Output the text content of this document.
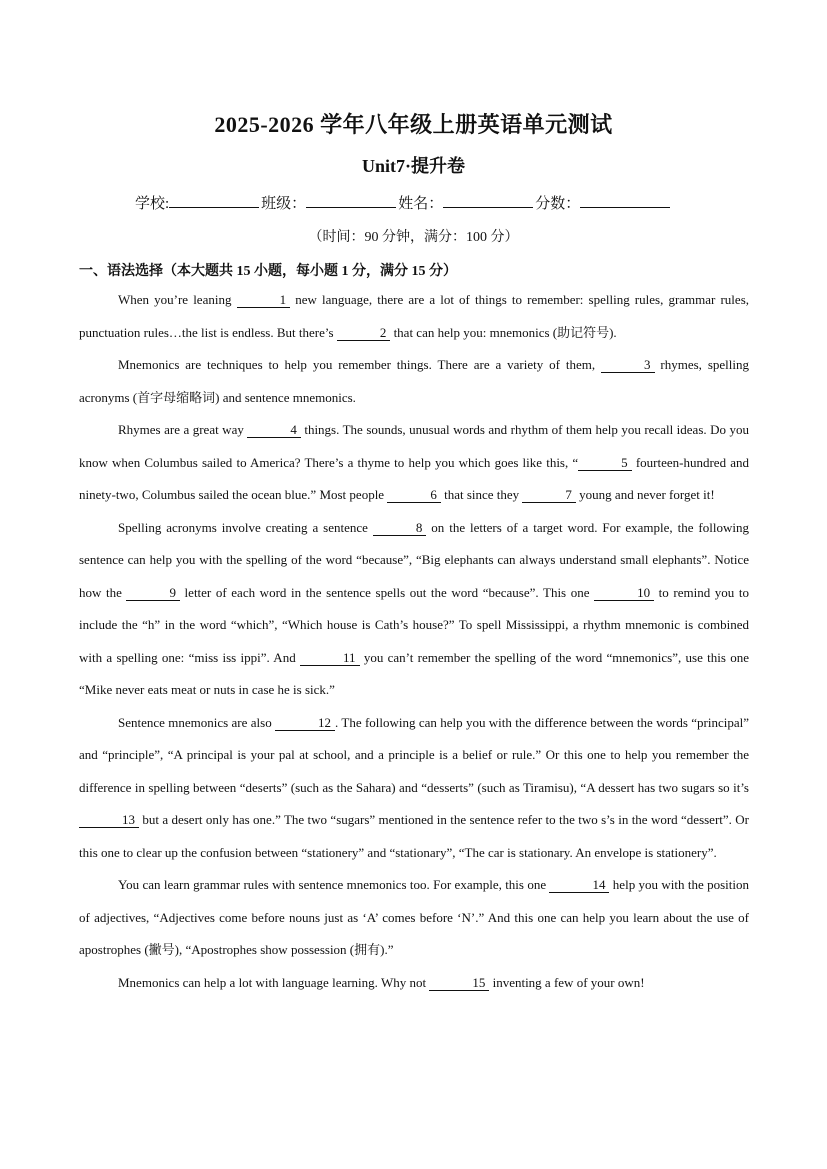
2025-2026 学年八年级上册英语单元测试
Unit7·提升卷
学校:	班级：	姓名：	分数：
（时间：90 分钟，满分：100 分）
一、语法选择（本大题共 15 小题，每小题 1 分，满分 15 分）

When you’re leaning	1 new language, there are a lot of things to remember: spelling rules, grammar rules, punctuation rules…the list is endless. But there’s	2 that can help you: mnemonics (助记符号).

Mnemonics are techniques to help you remember things. There are a variety of them,	3 rhymes, spelling acronyms (首字母缩略词) and sentence mnemonics.

Rhymes are a great way	4 things. The sounds, unusual words and rhythm of them help you recall ideas. Do you know when Columbus sailed to America? There’s a thyme to help you which goes like this, “	5 fourteen-hundred and ninety-two, Columbus sailed the ocean blue.” Most people	6 that since they	7 young and never forget it!

Spelling acronyms involve creating a sentence	8 on the letters of a target word. For example, the following sentence can help you with the spelling of the word “because”, “Big elephants can always understand small elephants”. Notice how the	9 letter of each word in the sentence spells out the word “because”. This one	10 to remind you to include the “h” in the word “which”, “Which house is Cath’s house?” To spell Mississippi, a rhythm mnemonic is combined with a spelling one: “miss iss ippi”. And	11 you can’t remember the spelling of the word “mnemonics”, use this one “Mike never eats meat or nuts in case he is sick.”

Sentence mnemonics are also	12 . The following can help you with the difference between the words “principal” and “principle”, “A principal is your pal at school, and a principle is a belief or rule.” Or this one to help you remember the difference in spelling between “deserts” (such as the Sahara) and “desserts” (such as Tiramisu), “A dessert has two sugars so it’s 13 but a desert only has one.” The two “sugars” mentioned in the sentence refer to the two s’s in the word “dessert”. Or this one to clear up the confusion between “stationery” and “stationary”, “The car is stationary. An envelope is stationery”.

You can learn grammar rules with sentence mnemonics too. For example, this one	14 help you with the position of adjectives, “Adjectives come before nouns just as ‘A’ comes before ‘N’.” And this one can help you learn about the use of apostrophes (撇号), “Apostrophes show possession (拥有).”

Mnemonics can help a lot with language learning. Why not	15 inventing a few of your own!
